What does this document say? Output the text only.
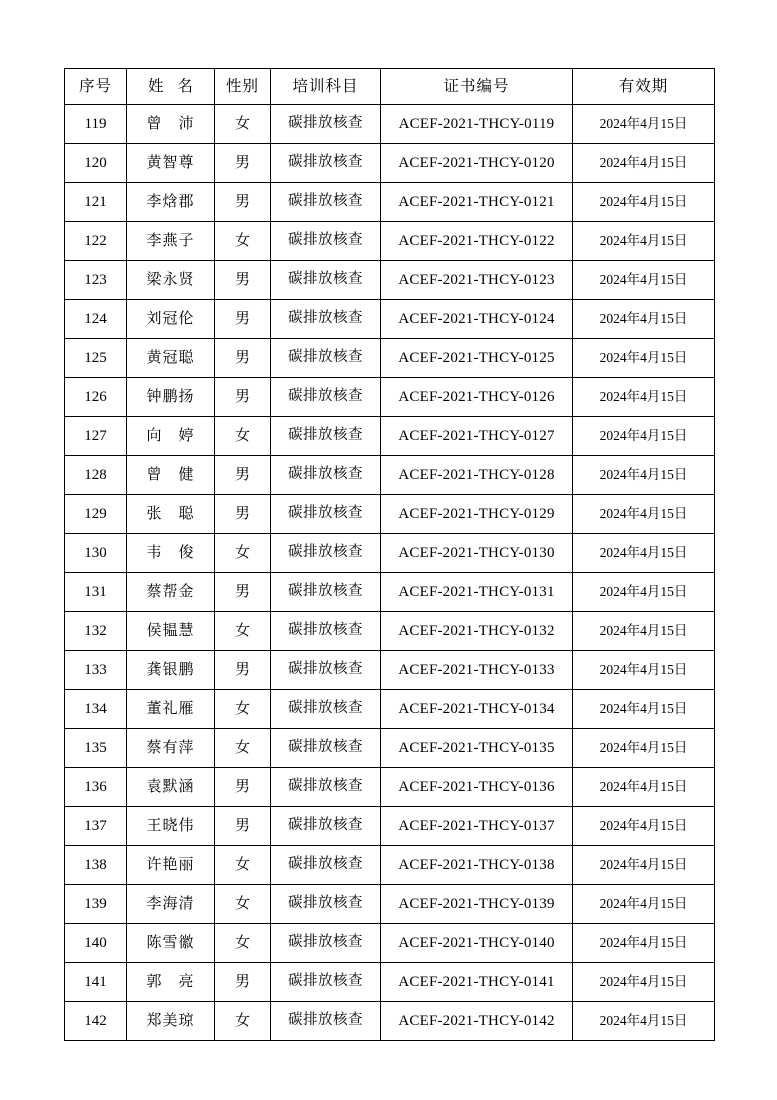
序号	姓 名	性别	培训科目	证书编号	有效期
119	曾　沛	女	碳排放核查	ACEF-2021-THCY-0119	2024年4月15日
120	黄智尊	男	碳排放核查	ACEF-2021-THCY-0120	2024年4月15日
121	李焓郡	男	碳排放核查	ACEF-2021-THCY-0121	2024年4月15日
122	李燕子	女	碳排放核查	ACEF-2021-THCY-0122	2024年4月15日
123	梁永贤	男	碳排放核查	ACEF-2021-THCY-0123	2024年4月15日
124	刘冠伦	男	碳排放核查	ACEF-2021-THCY-0124	2024年4月15日
125	黄冠聪	男	碳排放核查	ACEF-2021-THCY-0125	2024年4月15日
126	钟鹏扬	男	碳排放核查	ACEF-2021-THCY-0126	2024年4月15日
127	向　婷	女	碳排放核查	ACEF-2021-THCY-0127	2024年4月15日
128	曾　健	男	碳排放核查	ACEF-2021-THCY-0128	2024年4月15日
129	张　聪	男	碳排放核查	ACEF-2021-THCY-0129	2024年4月15日
130	韦　俊	女	碳排放核查	ACEF-2021-THCY-0130	2024年4月15日
131	蔡帮金	男	碳排放核查	ACEF-2021-THCY-0131	2024年4月15日
132	侯韫慧	女	碳排放核查	ACEF-2021-THCY-0132	2024年4月15日
133	龚银鹏	男	碳排放核查	ACEF-2021-THCY-0133	2024年4月15日
134	董礼雁	女	碳排放核查	ACEF-2021-THCY-0134	2024年4月15日
135	蔡有萍	女	碳排放核查	ACEF-2021-THCY-0135	2024年4月15日
136	袁默涵	男	碳排放核查	ACEF-2021-THCY-0136	2024年4月15日
137	王晓伟	男	碳排放核查	ACEF-2021-THCY-0137	2024年4月15日
138	许艳丽	女	碳排放核查	ACEF-2021-THCY-0138	2024年4月15日
139	李海清	女	碳排放核查	ACEF-2021-THCY-0139	2024年4月15日
140	陈雪徽	女	碳排放核查	ACEF-2021-THCY-0140	2024年4月15日
141	郭　亮	男	碳排放核查	ACEF-2021-THCY-0141	2024年4月15日
142	郑美琼	女	碳排放核查	ACEF-2021-THCY-0142	2024年4月15日
